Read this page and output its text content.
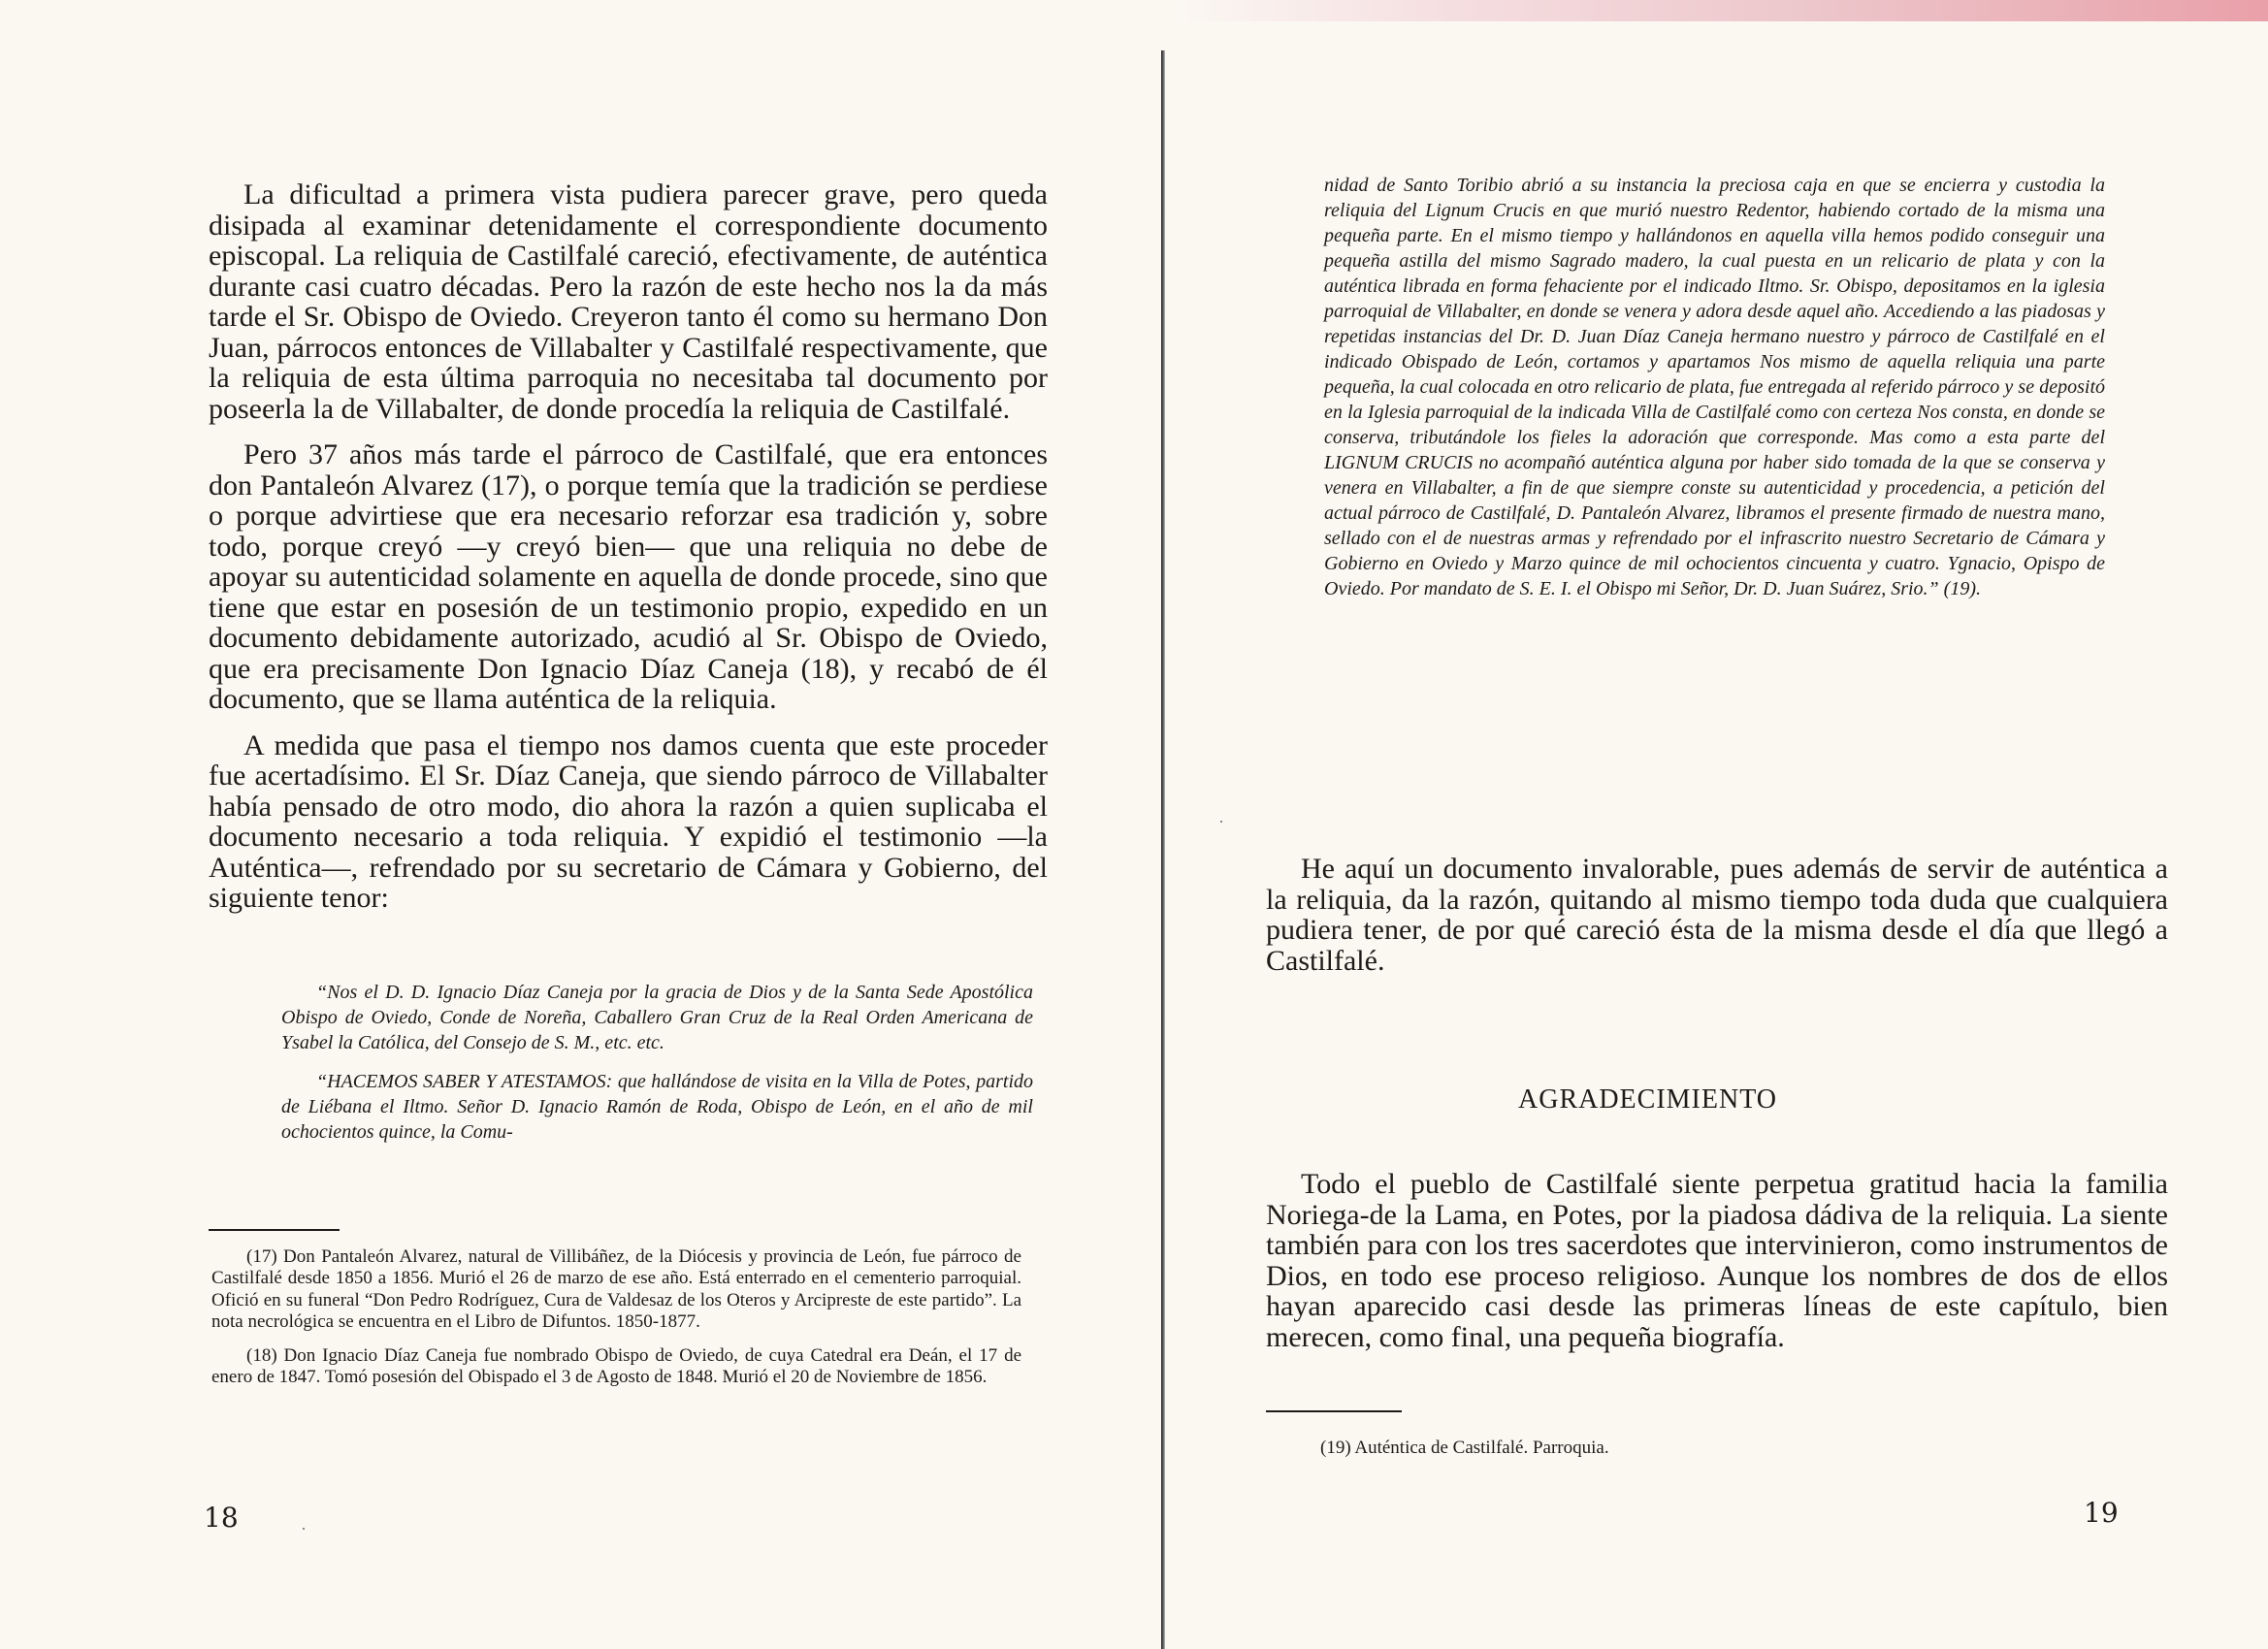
La dificultad a primera vista pudiera parecer grave, pero queda disipada al examinar detenidamente el correspondiente documento episcopal. La reliquia de Castilfalé careció, efectivamente, de auténtica durante casi cuatro décadas. Pero la razón de este hecho nos la da más tarde el Sr. Obispo de Oviedo. Creyeron tanto él como su hermano Don Juan, párrocos entonces de Villabalter y Castilfalé respectivamente, que la reliquia de esta última parroquia no necesitaba tal documento por poseerla la de Villabalter, de donde procedía la reliquia de Castilfalé.

Pero 37 años más tarde el párroco de Castilfalé, que era entonces don Pantaleón Alvarez (17), o porque temía que la tradición se perdiese o porque advirtiese que era necesario reforzar esa tradición y, sobre todo, porque creyó —y creyó bien— que una reliquia no debe de apoyar su autenticidad solamente en aquella de donde procede, sino que tiene que estar en posesión de un testimonio propio, expedido en un documento debidamente autorizado, acudió al Sr. Obispo de Oviedo, que era precisamente Don Ignacio Díaz Caneja (18), y recabó de él documento, que se llama auténtica de la reliquia.

A medida que pasa el tiempo nos damos cuenta que este proceder fue acertadísimo. El Sr. Díaz Caneja, que siendo párroco de Villabalter había pensado de otro modo, dio ahora la razón a quien suplicaba el documento necesario a toda reliquia. Y expidió el testimonio —la Auténtica—, refrendado por su secretario de Cámara y Gobierno, del siguiente tenor:

“Nos el D. D. Ignacio Díaz Caneja por la gracia de Dios y de la Santa Sede Apostólica Obispo de Oviedo, Conde de Noreña, Caballero Gran Cruz de la Real Orden Americana de Ysabel la Católica, del Consejo de S. M., etc. etc.

“HACEMOS SABER Y ATESTAMOS: que hallándose de visita en la Villa de Potes, partido de Liébana el Iltmo. Señor D. Ignacio Ramón de Roda, Obispo de León, en el año de mil ochocientos quince, la Comu-

(17) Don Pantaleón Alvarez, natural de Villibáñez, de la Diócesis y provincia de León, fue párroco de Castilfalé desde 1850 a 1856. Murió el 26 de marzo de ese año. Está enterrado en el cementerio parroquial. Ofició en su funeral “Don Pedro Rodríguez, Cura de Valdesaz de los Oteros y Arcipreste de este partido”. La nota necrológica se encuentra en el Libro de Difuntos. 1850-1877.

(18) Don Ignacio Díaz Caneja fue nombrado Obispo de Oviedo, de cuya Catedral era Deán, el 17 de enero de 1847. Tomó posesión del Obispado el 3 de Agosto de 1848. Murió el 20 de Noviembre de 1856.

18

nidad de Santo Toribio abrió a su instancia la preciosa caja en que se encierra y custodia la reliquia del Lignum Crucis en que murió nuestro Redentor, habiendo cortado de la misma una pequeña parte. En el mismo tiempo y hallándonos en aquella villa hemos podido conseguir una pequeña astilla del mismo Sagrado madero, la cual puesta en un relicario de plata y con la auténtica librada en forma fehaciente por el indicado Iltmo. Sr. Obispo, depositamos en la iglesia parroquial de Villabalter, en donde se venera y adora desde aquel año. Accediendo a las piadosas y repetidas instancias del Dr. D. Juan Díaz Caneja hermano nuestro y párroco de Castilfalé en el indicado Obispado de León, cortamos y apartamos Nos mismo de aquella reliquia una parte pequeña, la cual colocada en otro relicario de plata, fue entregada al referido párroco y se depositó en la Iglesia parroquial de la indicada Villa de Castilfalé como con certeza Nos consta, en donde se conserva, tributándole los fieles la adoración que corresponde. Mas como a esta parte del LIGNUM CRUCIS no acompañó auténtica alguna por haber sido tomada de la que se conserva y venera en Villabalter, a fin de que siempre conste su autenticidad y procedencia, a petición del actual párroco de Castilfalé, D. Pantaleón Alvarez, libramos el presente firmado de nuestra mano, sellado con el de nuestras armas y refrendado por el infrascrito nuestro Secretario de Cámara y Gobierno en Oviedo y Marzo quince de mil ochocientos cincuenta y cuatro. Ygnacio, Opispo de Oviedo. Por mandato de S. E. I. el Obispo mi Señor, Dr. D. Juan Suárez, Srio.” (19).

He aquí un documento invalorable, pues además de servir de auténtica a la reliquia, da la razón, quitando al mismo tiempo toda duda que cualquiera pudiera tener, de por qué careció ésta de la misma desde el día que llegó a Castilfalé.

AGRADECIMIENTO

Todo el pueblo de Castilfalé siente perpetua gratitud hacia la familia Noriega-de la Lama, en Potes, por la piadosa dádiva de la reliquia. La siente también para con los tres sacerdotes que intervinieron, como instrumentos de Dios, en todo ese proceso religioso. Aunque los nombres de dos de ellos hayan aparecido casi desde las primeras líneas de este capítulo, bien merecen, como final, una pequeña biografía.

(19) Auténtica de Castilfalé. Parroquia.

19
